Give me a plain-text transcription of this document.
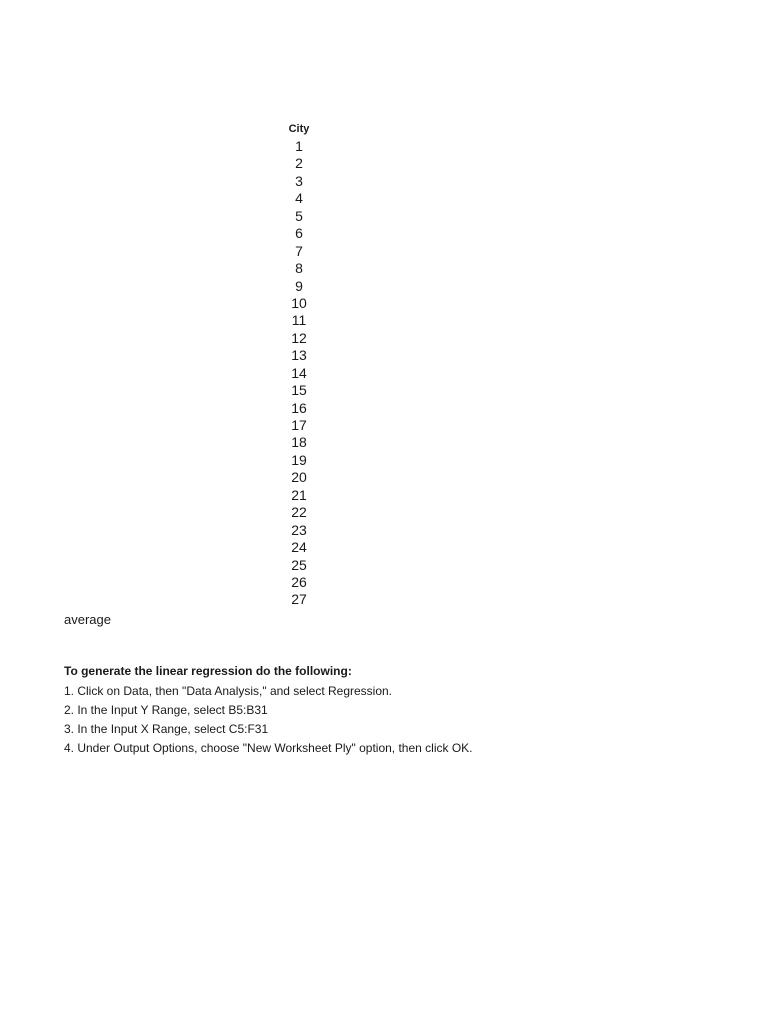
City
1
2
3
4
5
6
7
8
9
10
11
12
13
14
15
16
17
18
19
20
21
22
23
24
25
26
27
average
To generate the linear regression do the following:
1. Click on Data, then "Data Analysis," and select Regression.
2. In the Input Y Range, select B5:B31
3. In the Input X Range, select C5:F31
4. Under Output Options, choose "New Worksheet Ply" option, then click OK.
